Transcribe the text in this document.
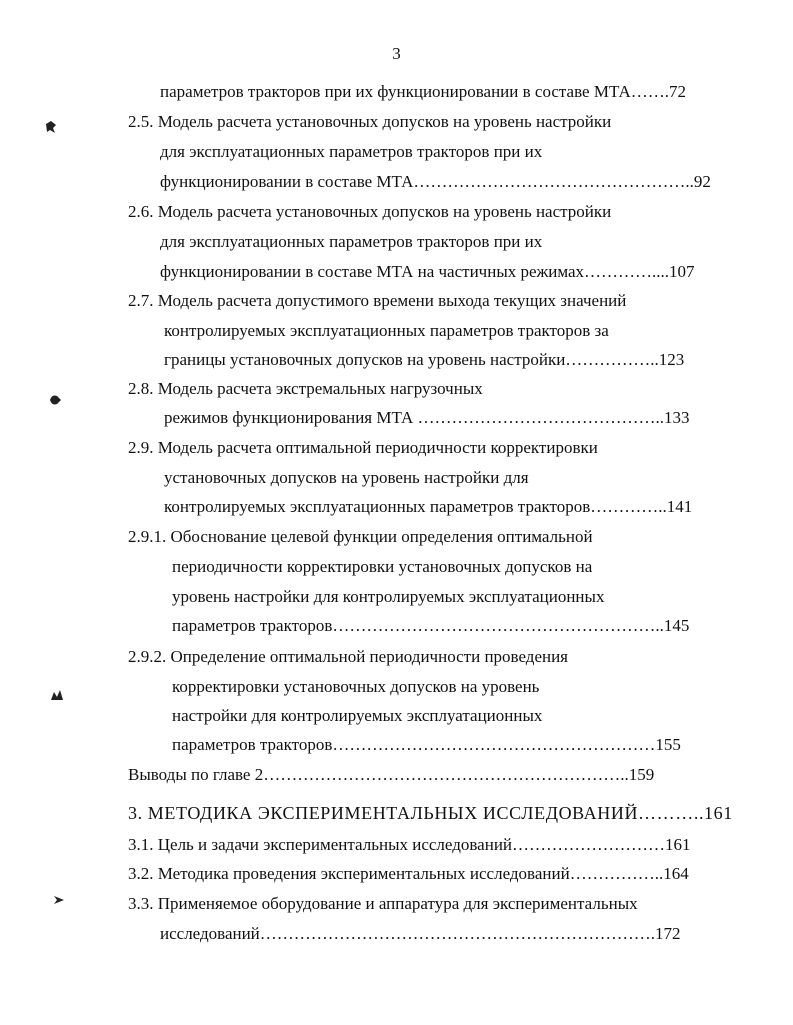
3
параметров тракторов при их функционировании в составе МТА…….72
2.5. Модель расчета установочных допусков на уровень настройки
для эксплуатационных параметров тракторов при их
функционировании в составе МТА…………………………………………..92
2.6. Модель расчета установочных допусков на уровень настройки
для эксплуатационных параметров тракторов при их
функционировании в составе МТА на частичных режимах…………....107
2.7. Модель расчета допустимого времени выхода текущих значений
контролируемых эксплуатационных параметров тракторов за
границы установочных допусков на уровень настройки……………..123
2.8. Модель расчета экстремальных нагрузочных
режимов функционирования МТА ……………………………………..133
2.9. Модель расчета оптимальной периодичности корректировки
установочных допусков на уровень настройки для
контролируемых эксплуатационных параметров тракторов…………..141
2.9.1. Обоснование целевой функции определения оптимальной
периодичности корректировки установочных допусков на
уровень настройки для контролируемых эксплуатационных
параметров тракторов…………………………………………………..145
2.9.2. Определение оптимальной периодичности проведения
корректировки установочных допусков на уровень
настройки для контролируемых эксплуатационных
параметров тракторов…………………………………………………155
Выводы по главе 2………………………………………………………..159
3. МЕТОДИКА ЭКСПЕРИМЕНТАЛЬНЫХ ИССЛЕДОВАНИЙ………..161
3.1. Цель и задачи экспериментальных исследований………………………161
3.2. Методика проведения экспериментальных исследований……………..164
3.3. Применяемое оборудование и аппаратура для экспериментальных
исследований…………………………………………………………….172
